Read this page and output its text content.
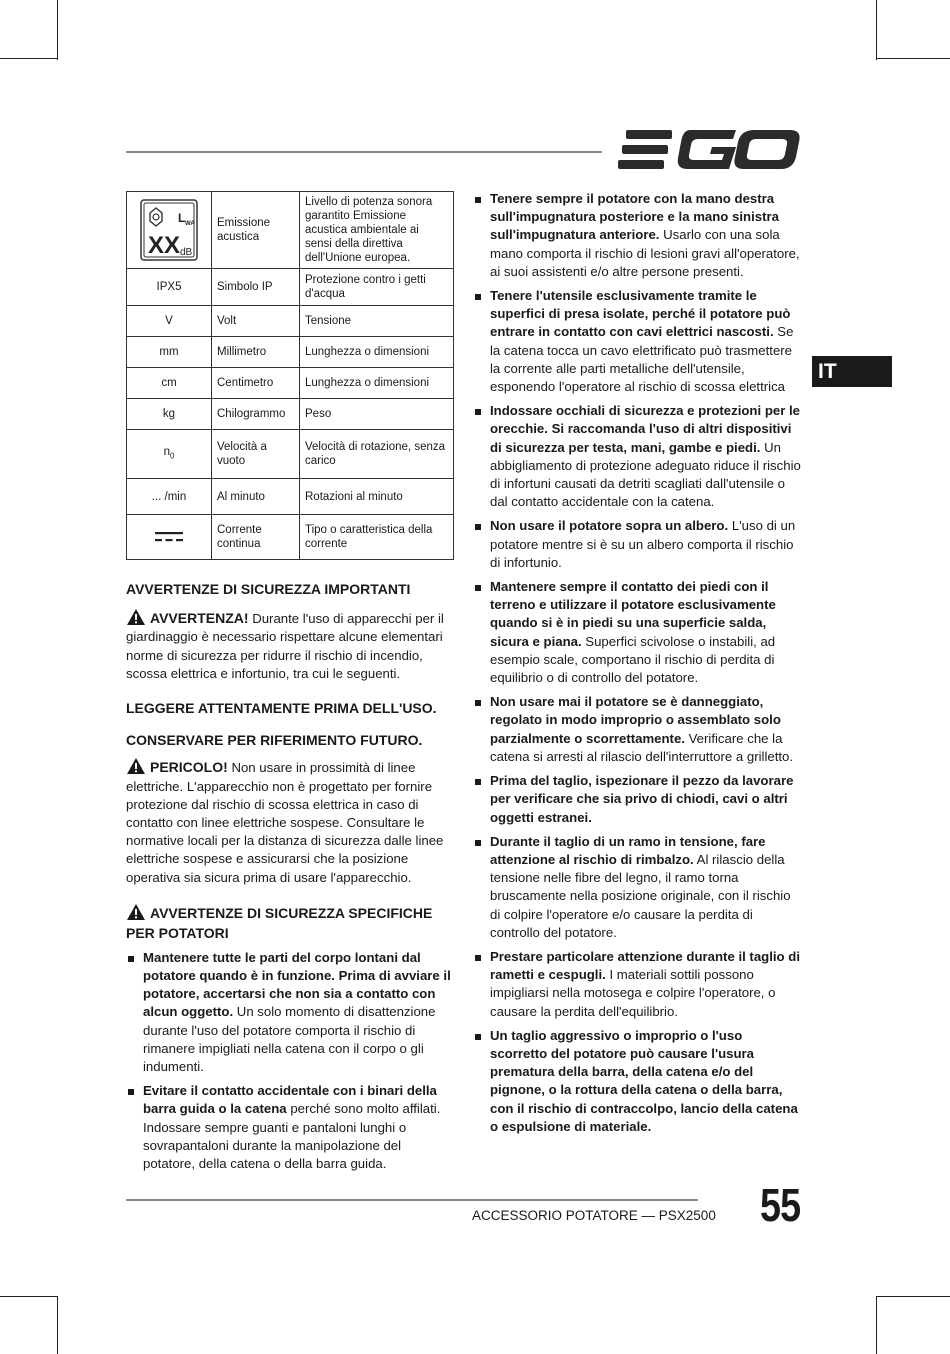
IT
L WA
XX dB	Emissione acustica	Livello di potenza sonora garantito Emissione acustica ambientale ai sensi della direttiva dell'Unione europea.
IPX5	Simbolo IP	Protezione contro i getti d'acqua
V	Volt	Tensione
mm	Millimetro	Lunghezza o dimensioni
cm	Centimetro	Lunghezza o dimensioni
kg	Chilogrammo	Peso
$n_0$	Velocità a vuoto	Velocità di rotazione, senza carico
... /min	Al minuto	Rotazioni al minuto

	Corrente continua	Tipo o caratteristica della corrente

AVVERTENZE DI SICUREZZA IMPORTANTI

AVVERTENZA! Durante l'uso di apparecchi per il giardinaggio è necessario rispettare alcune elementari norme di sicurezza per ridurre il rischio di incendio, scossa elettrica e infortunio, tra cui le seguenti.

LEGGERE ATTENTAMENTE PRIMA DELL'USO.

CONSERVARE PER RIFERIMENTO FUTURO.

PERICOLO! Non usare in prossimità di linee elettriche. L'apparecchio non è progettato per fornire protezione dal rischio di scossa elettrica in caso di contatto con linee elettriche sospese. Consultare le normative locali per la distanza di sicurezza dalle linee elettriche sospese e assicurarsi che la posizione operativa sia sicura prima di usare l'apparecchio.

AVVERTENZE DI SICUREZZA SPECIFICHE PER POTATORI

Mantenere tutte le parti del corpo lontani dal potatore quando è in funzione. Prima di avviare il potatore, accertarsi che non sia a contatto con alcun oggetto. Un solo momento di disattenzione durante l'uso del potatore comporta il rischio di rimanere impigliati nella catena con il corpo o gli indumenti.
Evitare il contatto accidentale con i binari della barra guida o la catena perché sono molto affilati. Indossare sempre guanti e pantaloni lunghi o sovrapantaloni durante la manipolazione del potatore, della catena o della barra guida.
Tenere sempre il potatore con la mano destra sull'impugnatura posteriore e la mano sinistra sull'impugnatura anteriore. Usarlo con una sola mano comporta il rischio di lesioni gravi all'operatore, ai suoi assistenti e/o altre persone presenti.
Tenere l'utensile esclusivamente tramite le superfici di presa isolate, perché il potatore può entrare in contatto con cavi elettrici nascosti. Se la catena tocca un cavo elettrificato può trasmettere la corrente alle parti metalliche dell'utensile, esponendo l'operatore al rischio di scossa elettrica
Indossare occhiali di sicurezza e protezioni per le orecchie. Si raccomanda l'uso di altri dispositivi di sicurezza per testa, mani, gambe e piedi. Un abbigliamento di protezione adeguato riduce il rischio di infortuni causati da detriti scagliati dall'utensile o dal contatto accidentale con la catena.
Non usare il potatore sopra un albero. L'uso di un potatore mentre si è su un albero comporta il rischio di infortunio.
Mantenere sempre il contatto dei piedi con il terreno e utilizzare il potatore esclusivamente quando si è in piedi su una superficie salda, sicura e piana. Superfici scivolose o instabili, ad esempio scale, comportano il rischio di perdita di equilibrio o di controllo del potatore.
Non usare mai il potatore se è danneggiato, regolato in modo improprio o assemblato solo parzialmente o scorrettamente. Verificare che la catena si arresti al rilascio dell'interruttore a grilletto.
Prima del taglio, ispezionare il pezzo da lavorare per verificare che sia privo di chiodi, cavi o altri oggetti estranei.
Durante il taglio di un ramo in tensione, fare attenzione al rischio di rimbalzo. Al rilascio della tensione nelle fibre del legno, il ramo torna bruscamente nella posizione originale, con il rischio di colpire l'operatore e/o causare la perdita di controllo del potatore.
Prestare particolare attenzione durante il taglio di rametti e cespugli. I materiali sottili possono impigliarsi nella motosega e colpire l'operatore, o causare la perdita dell'equilibrio.
Un taglio aggressivo o improprio o l'uso scorretto del potatore può causare l'usura prematura della barra, della catena e/o del pignone, o la rottura della catena o della barra, con il rischio di contraccolpo, lancio della catena o espulsione di materiale.
ACCESSORIO POTATORE — PSX2500 55
